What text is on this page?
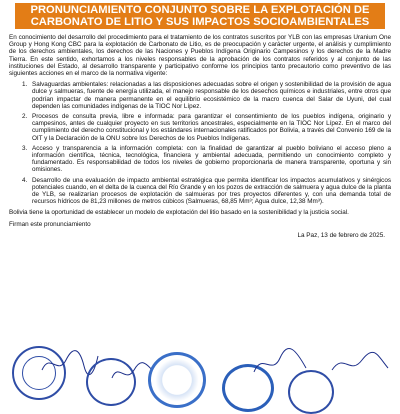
PRONUNCIAMIENTO CONJUNTO SOBRE LA EXPLOTACIÓN DE
CARBONATO DE LITIO Y SUS IMPACTOS SOCIOAMBIENTALES

En conocimiento del desarrollo del procedimiento para el tratamiento de los contratos suscritos por YLB con las empresas Uranium One Group y Hong Kong CBC para la explotación de Carbonato de Litio, es de preocupación y carácter urgente, el análisis y cumplimiento de los derechos ambientales, los derechos de las Naciones y Pueblos Indígena Originario Campesinos y los derechos de la Madre Tierra. En este sentido, exhortamos a los niveles responsables de la aprobación de los contratos referidos y al conjunto de las instituciones del Estado, al desarrollo transparente y participativo conforme los principios tanto precautorio como preventivo de las siguientes acciones en el marco de la normativa vigente:

1. Salvaguardas ambientales: relacionadas a las disposiciones adecuadas sobre el origen y sostenibilidad de la provisión de agua dulce y salmueras, fuente de energía utilizada, el manejo responsable de los desechos químicos e industriales, entre otros que podrían impactar de manera permanente en el equilibrio ecosistémico de la macro cuenca del Salar de Uyuni, del cual dependen las comunidades indígenas de la TIOC Nor Lípez.
2. Procesos de consulta previa, libre e informada: para garantizar el consentimiento de los pueblos indígena, originario y campesinos, antes de cualquier proyecto en sus territorios ancestrales, especialmente en la TIOC Nor Lípez. En el marco del cumplimiento del derecho constitucional y los estándares internacionales ratificados por Bolivia, a través del Convenio 169 de la OIT y la Declaración de la ONU sobre los Derechos de los Pueblos Indígenas.
3. Acceso y transparencia a la información completa: con la finalidad de garantizar al pueblo boliviano el acceso pleno a información científica, técnica, tecnológica, financiera y ambiental adecuada, permitiendo un conocimiento completo y fundamentado. Es responsabilidad de todos los niveles de gobierno proporcionarla de manera transparente, oportuna y sin omisiones.
4. Desarrollo de una evaluación de impacto ambiental estratégica que permita identificar los impactos acumulativos y sinérgicos potenciales cuando, en el delta de la cuenca del Río Grande y en los pozos de extracción de salmuera y agua dulce de la planta de YLB, se realizarían procesos de explotación de salmueras por tres proyectos diferentes y, con una demanda total de recursos hídricos de 81,23 millones de metros cúbicos (Salmueras, 68,85 Mm³; Agua dulce, 12,38 Mm³).

Bolivia tiene la oportunidad de establecer un modelo de explotación del litio basado en la sostenibilidad y la justicia social.

Firman este pronunciamiento

La Paz, 13 de febrero de 2025.
